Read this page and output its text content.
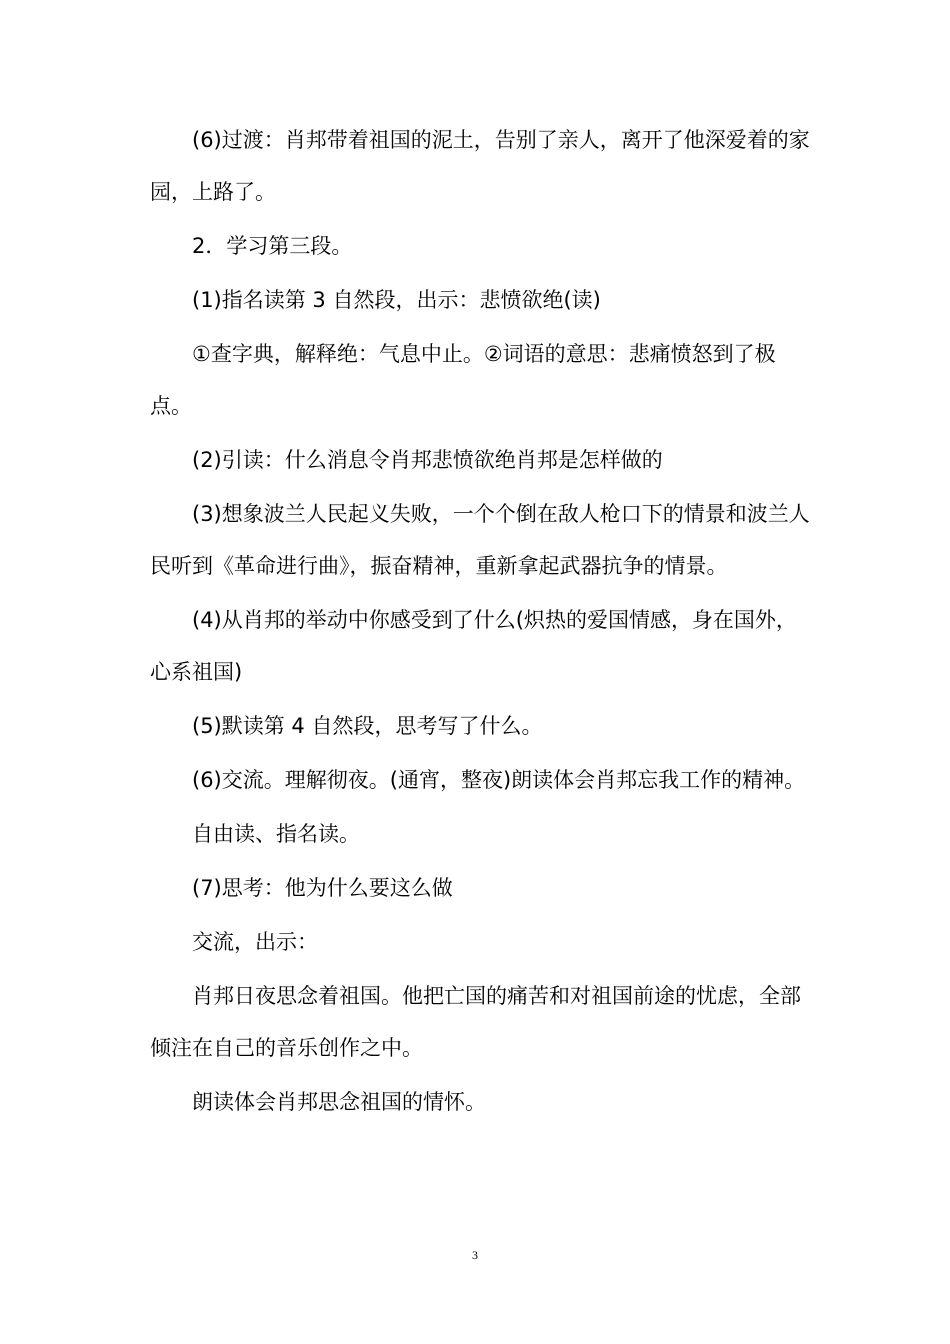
(6)过渡：肖邦带着祖国的泥土，告别了亲人，离开了他深爱着的家园，上路了。

2．学习第三段。

(1)指名读第 3 自然段，出示：悲愤欲绝(读)

①查字典，解释绝：气息中止。②词语的意思：悲痛愤怒到了极点。

(2)引读：什么消息令肖邦悲愤欲绝肖邦是怎样做的

(3)想象波兰人民起义失败，一个个倒在敌人枪口下的情景和波兰人民听到《革命进行曲》，振奋精神，重新拿起武器抗争的情景。

(4)从肖邦的举动中你感受到了什么(炽热的爱国情感，身在国外，心系祖国)

(5)默读第 4 自然段，思考写了什么。

(6)交流。理解彻夜。(通宵，整夜)朗读体会肖邦忘我工作的精神。

自由读、指名读。

(7)思考：他为什么要这么做

交流，出示：

肖邦日夜思念着祖国。他把亡国的痛苦和对祖国前途的忧虑，全部倾注在自己的音乐创作之中。

朗读体会肖邦思念祖国的情怀。

3
